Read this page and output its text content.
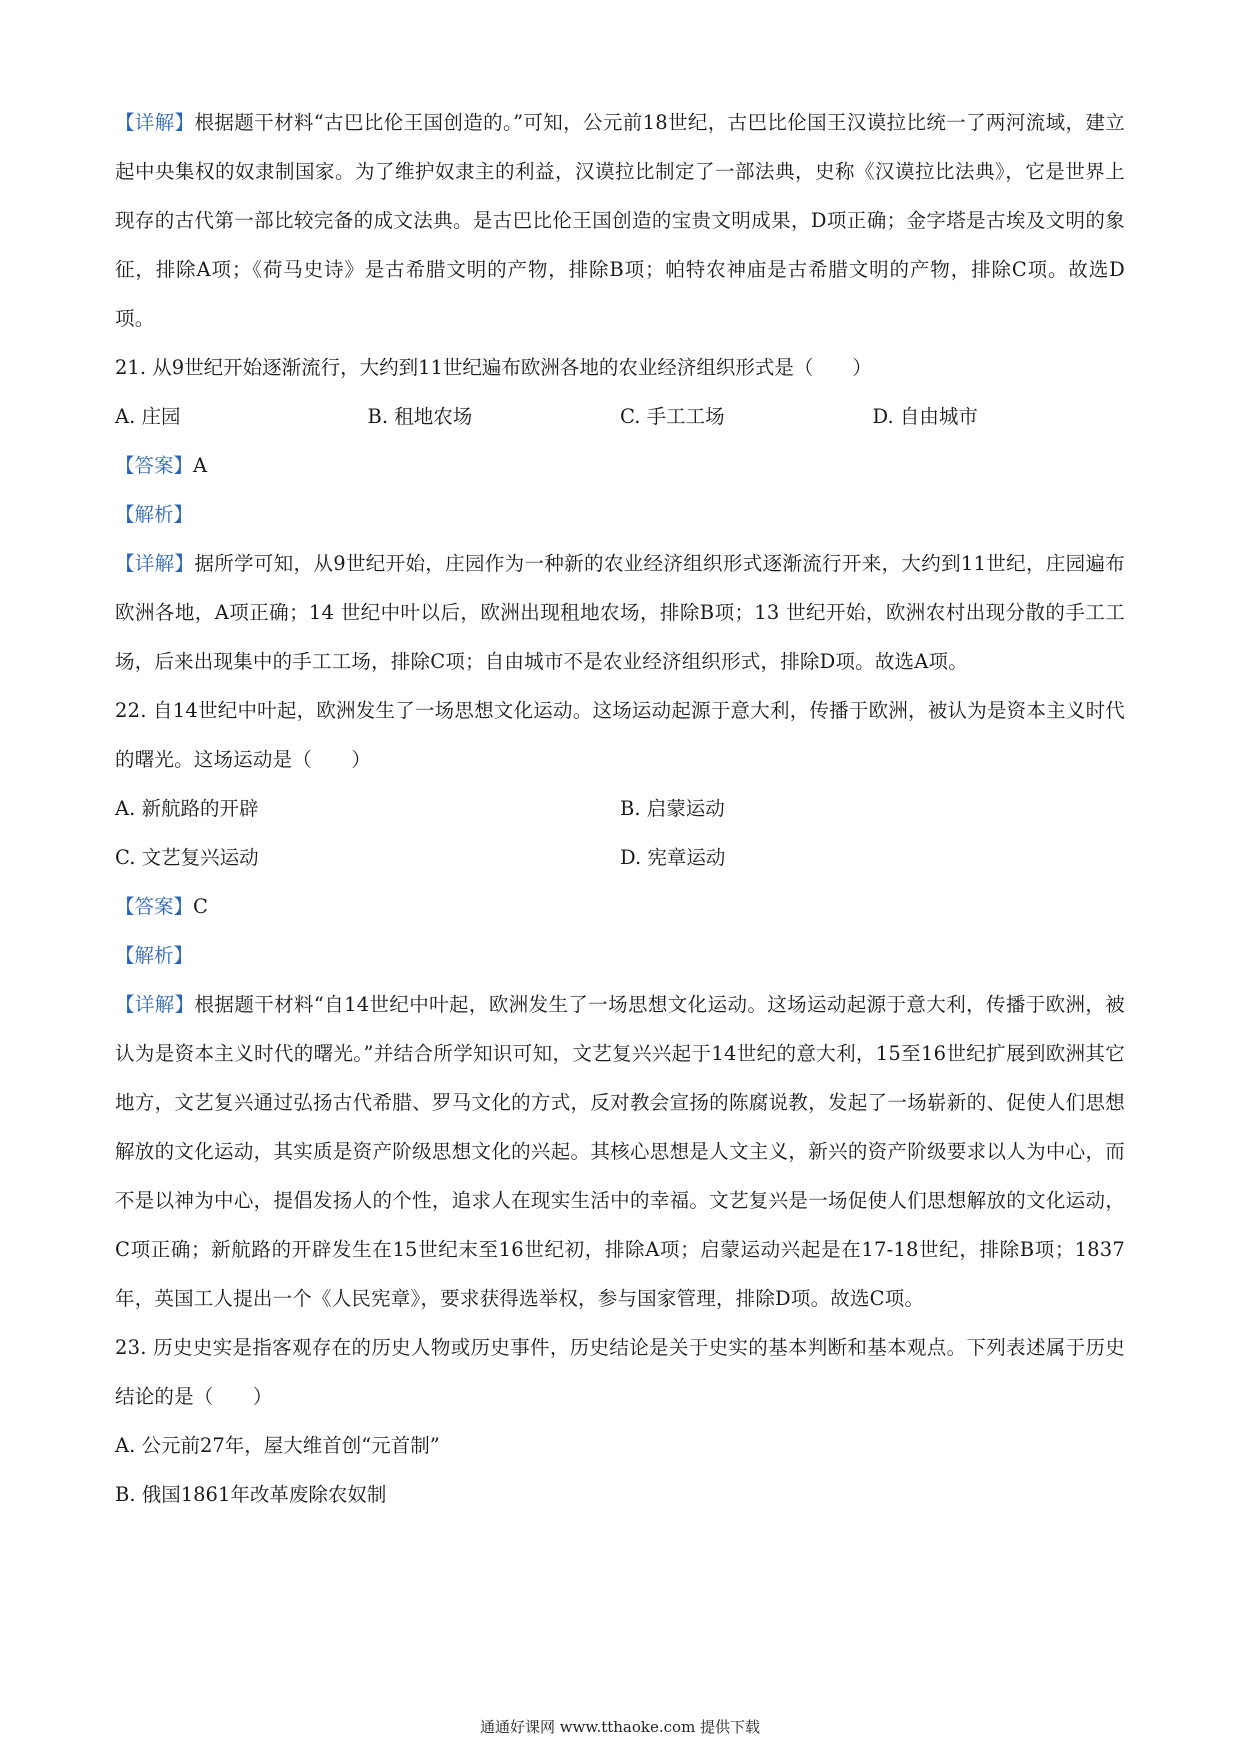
【详解】根据题干材料“古巴比伦王国创造的。”可知，公元前18世纪，古巴比伦国王汉谟拉比统一了两河流域，建立起中央集权的奴隶制国家。为了维护奴隶主的利益，汉谟拉比制定了一部法典，史称《汉谟拉比法典》，它是世界上现存的古代第一部比较完备的成文法典。是古巴比伦王国创造的宝贵文明成果，D项正确；金字塔是古埃及文明的象征，排除A项；《荷马史诗》是古希腊文明的产物，排除B项；帕特农神庙是古希腊文明的产物，排除C项。故选D项。

21. 从9世纪开始逐渐流行，大约到11世纪遍布欧洲各地的农业经济组织形式是（　　）

A. 庄园	B. 租地农场	C. 手工工场	D. 自由城市

【答案】A

【解析】

【详解】据所学可知，从9世纪开始，庄园作为一种新的农业经济组织形式逐渐流行开来，大约到11世纪，庄园遍布欧洲各地，A项正确；14 世纪中叶以后，欧洲出现租地农场，排除B项；13 世纪开始，欧洲农村出现分散的手工工场，后来出现集中的手工工场，排除C项；自由城市不是农业经济组织形式，排除D项。故选A项。

22. 自14世纪中叶起，欧洲发生了一场思想文化运动。这场运动起源于意大利，传播于欧洲，被认为是资本主义时代的曙光。这场运动是（　　）

A. 新航路的开辟	B. 启蒙运动
C. 文艺复兴运动	D. 宪章运动

【答案】C

【解析】

【详解】根据题干材料“自14世纪中叶起，欧洲发生了一场思想文化运动。这场运动起源于意大利，传播于欧洲，被认为是资本主义时代的曙光。”并结合所学知识可知，文艺复兴兴起于14世纪的意大利，15至16世纪扩展到欧洲其它地方，文艺复兴通过弘扬古代希腊、罗马文化的方式，反对教会宣扬的陈腐说教，发起了一场崭新的、促使人们思想解放的文化运动，其实质是资产阶级思想文化的兴起。其核心思想是人文主义，新兴的资产阶级要求以人为中心，而不是以神为中心，提倡发扬人的个性，追求人在现实生活中的幸福。文艺复兴是一场促使人们思想解放的文化运动，C项正确；新航路的开辟发生在15世纪末至16世纪初，排除A项；启蒙运动兴起是在17-18世纪，排除B项；1837年，英国工人提出一个《人民宪章》，要求获得选举权，参与国家管理，排除D项。故选C项。

23. 历史史实是指客观存在的历史人物或历史事件，历史结论是关于史实的基本判断和基本观点。下列表述属于历史结论的是（　　）

A. 公元前27年，屋大维首创“元首制”

B. 俄国1861年改革废除农奴制

通通好课网 www.tthaoke.com 提供下载
